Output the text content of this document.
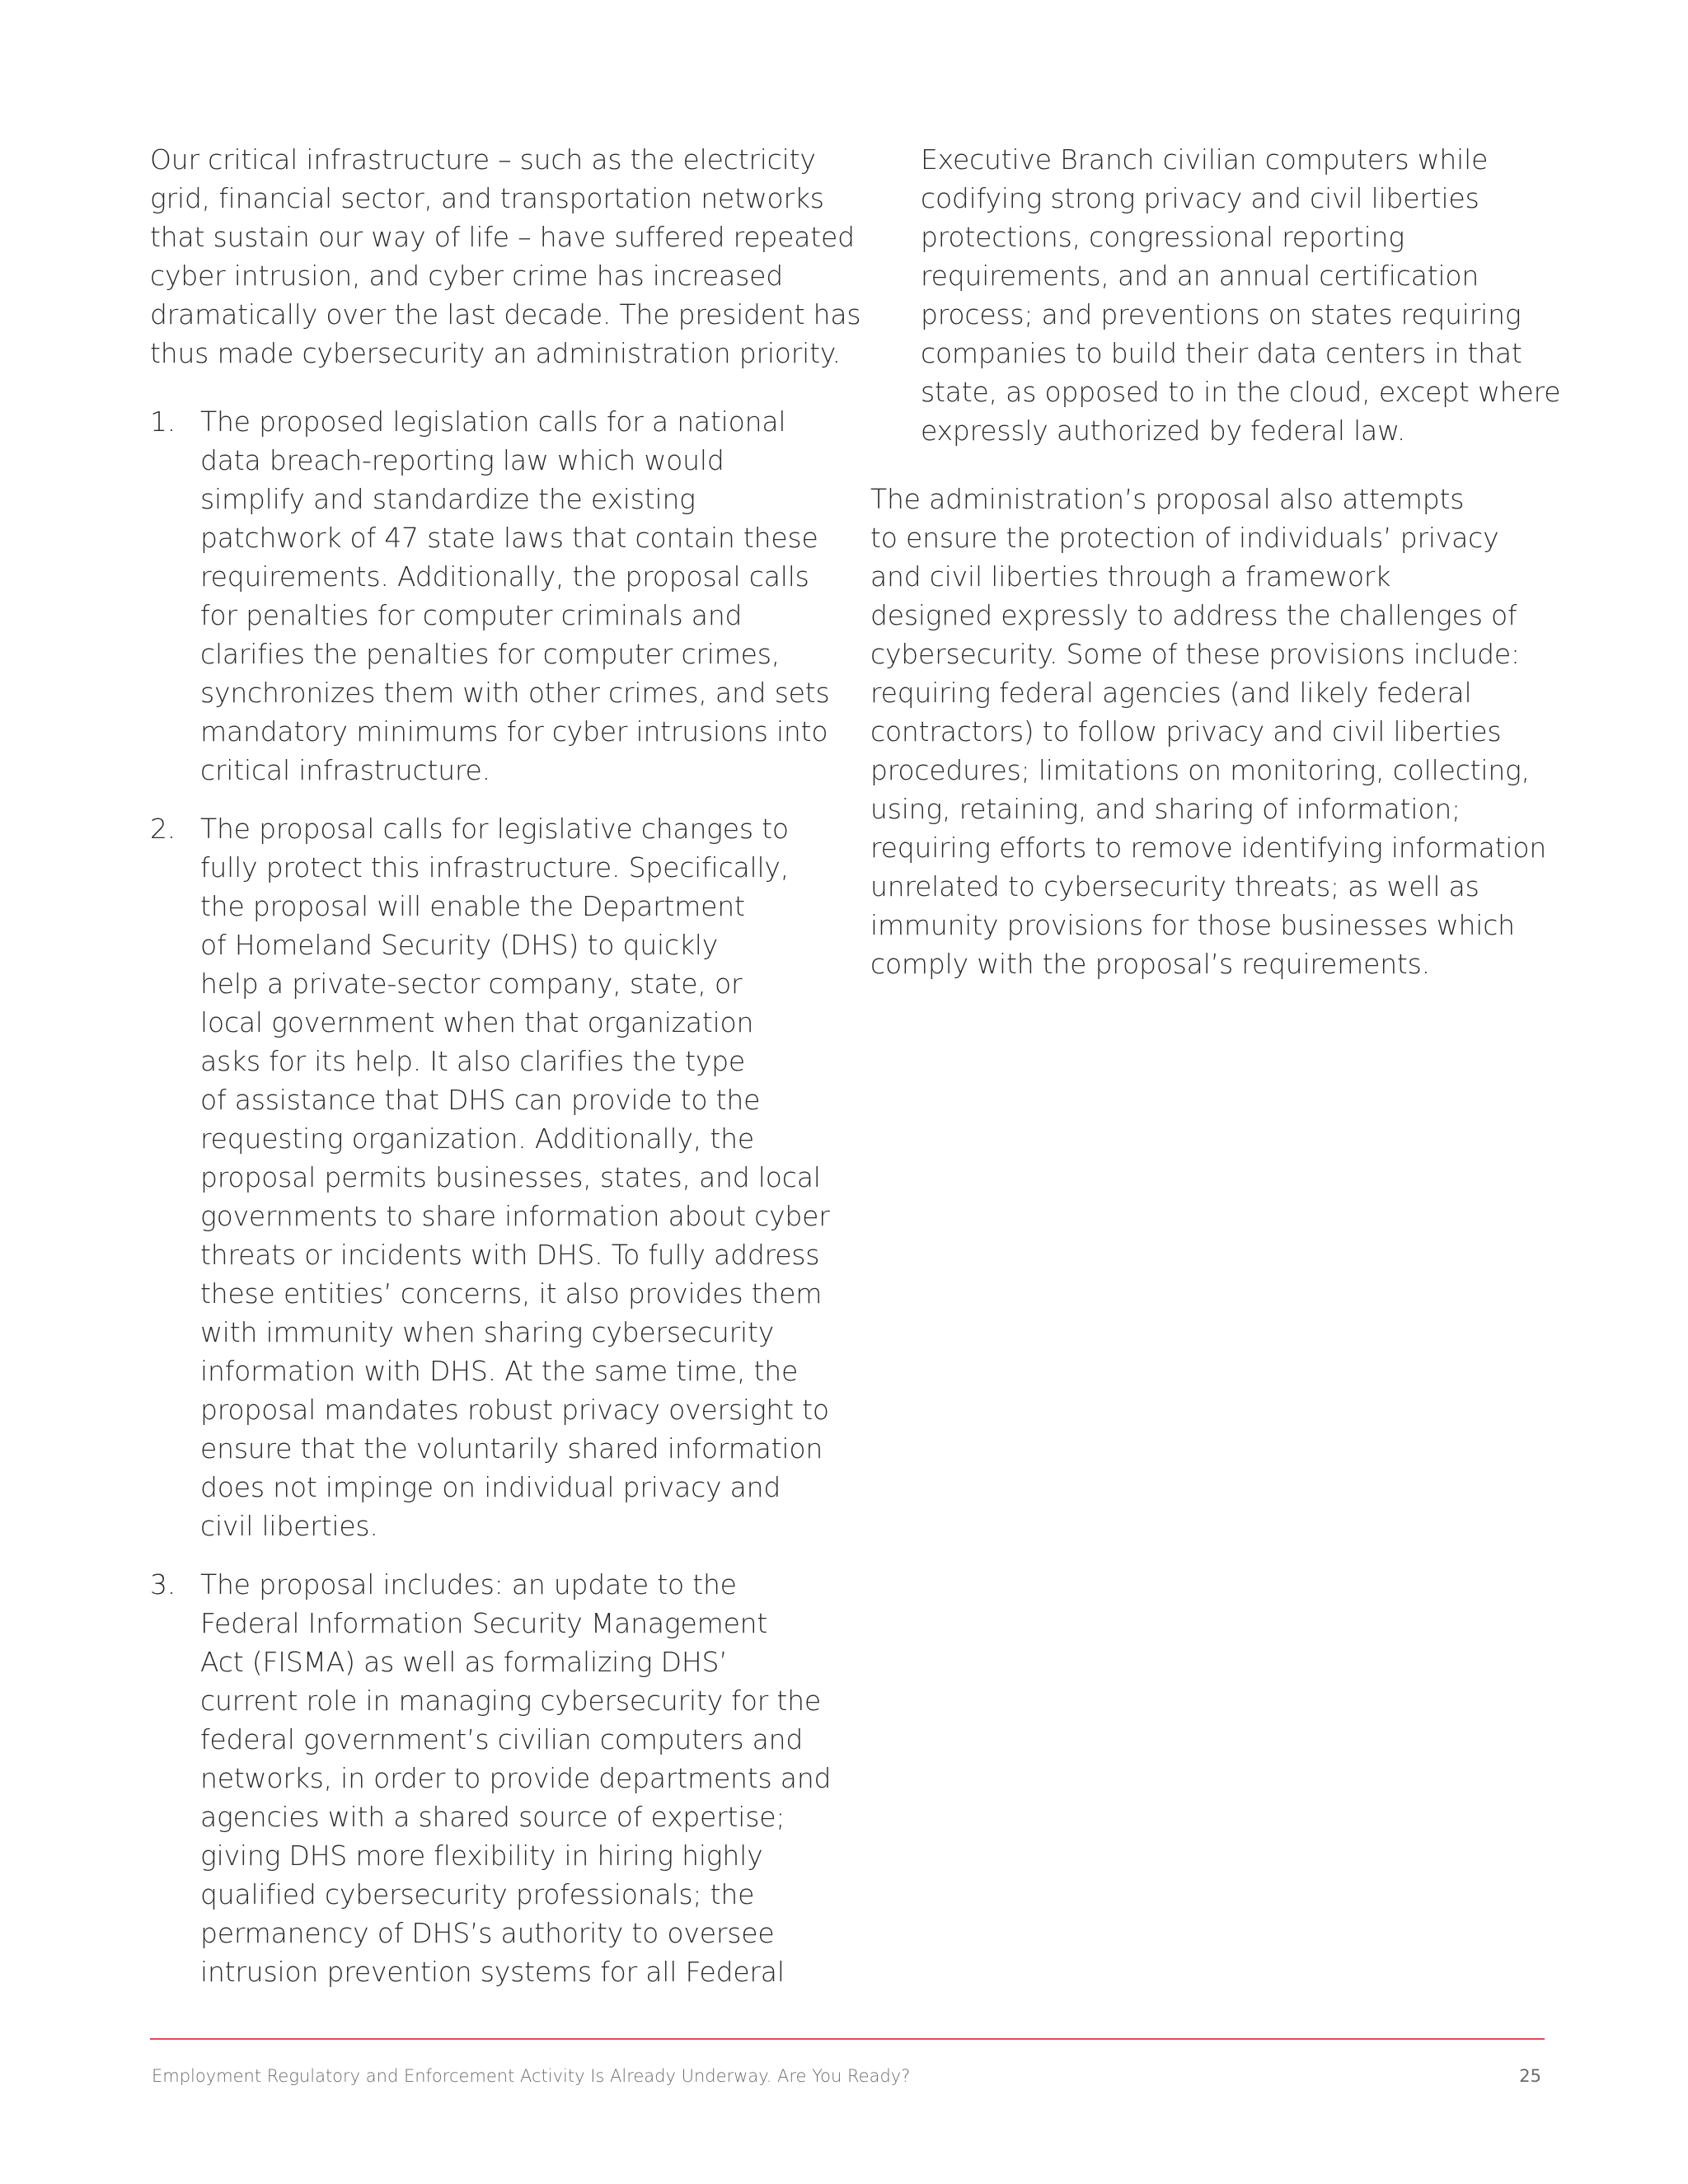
Our critical infrastructure – such as the electricity
grid, financial sector, and transportation networks
that sustain our way of life – have suffered repeated
cyber intrusion, and cyber crime has increased
dramatically over the last decade. The president has
thus made cybersecurity an administration priority.
1. The proposed legislation calls for a national
data breach-reporting law which would
simplify and standardize the existing
patchwork of 47 state laws that contain these
requirements. Additionally, the proposal calls
for penalties for computer criminals and
clarifies the penalties for computer crimes,
synchronizes them with other crimes, and sets
mandatory minimums for cyber intrusions into
critical infrastructure.
2. The proposal calls for legislative changes to
fully protect this infrastructure. Specifically,
the proposal will enable the Department
of Homeland Security (DHS) to quickly
help a private-sector company, state, or
local government when that organization
asks for its help. It also clarifies the type
of assistance that DHS can provide to the
requesting organization. Additionally, the
proposal permits businesses, states, and local
governments to share information about cyber
threats or incidents with DHS. To fully address
these entities’ concerns, it also provides them
with immunity when sharing cybersecurity
information with DHS. At the same time, the
proposal mandates robust privacy oversight to
ensure that the voluntarily shared information
does not impinge on individual privacy and
civil liberties.
3. The proposal includes: an update to the
Federal Information Security Management
Act (FISMA) as well as formalizing DHS’
current role in managing cybersecurity for the
federal government’s civilian computers and
networks, in order to provide departments and
agencies with a shared source of expertise;
giving DHS more flexibility in hiring highly
qualified cybersecurity professionals; the
permanency of DHS’s authority to oversee
intrusion prevention systems for all Federal
Executive Branch civilian computers while
codifying strong privacy and civil liberties
protections, congressional reporting
requirements, and an annual certification
process; and preventions on states requiring
companies to build their data centers in that
state, as opposed to in the cloud, except where
expressly authorized by federal law.
The administration’s proposal also attempts
to ensure the protection of individuals’ privacy
and civil liberties through a framework
designed expressly to address the challenges of
cybersecurity. Some of these provisions include:
requiring federal agencies (and likely federal
contractors) to follow privacy and civil liberties
procedures; limitations on monitoring, collecting,
using, retaining, and sharing of information;
requiring efforts to remove identifying information
unrelated to cybersecurity threats; as well as
immunity provisions for those businesses which
comply with the proposal’s requirements.
Employment Regulatory and Enforcement Activity Is Already Underway. Are You Ready?	25
